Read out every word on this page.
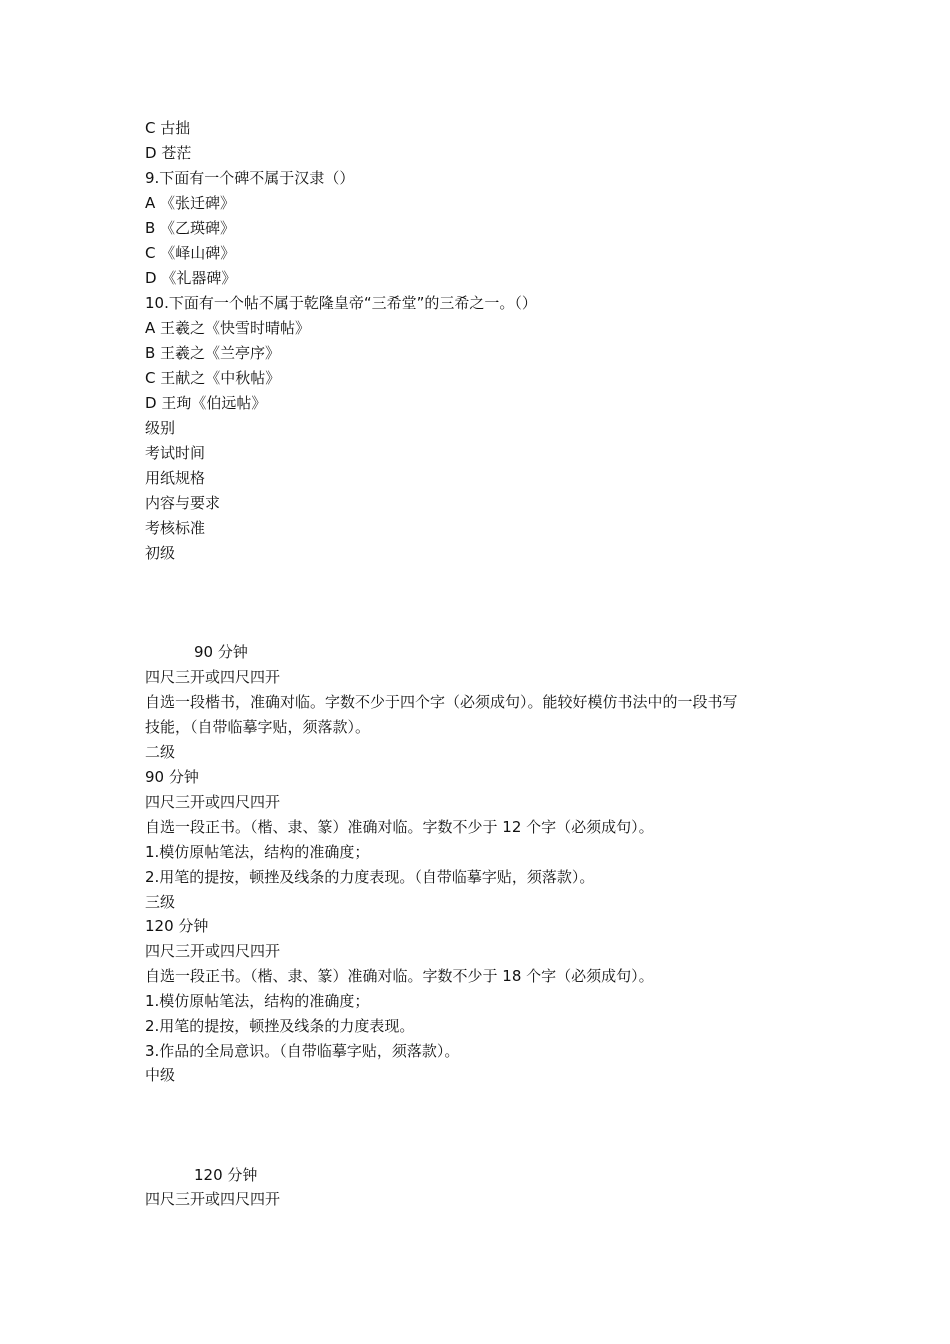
C 古拙
D 苍茫
9.下面有一个碑不属于汉隶（）
A 《张迁碑》
B 《乙瑛碑》
C 《峄山碑》
D 《礼器碑》
10.下面有一个帖不属于乾隆皇帝“三希堂”的三希之一。（）
A 王羲之《快雪时晴帖》
B 王羲之《兰亭序》
C 王献之《中秋帖》
D 王珣《伯远帖》
级别
考试时间
用纸规格
内容与要求
考核标准
初级
90 分钟
四尺三开或四尺四开
自选一段楷书，准确对临。字数不少于四个字（必须成句）。能较好模仿书法中的一段书写
技能，（自带临摹字贴，须落款）。
二级
90 分钟
四尺三开或四尺四开
自选一段正书。（楷、隶、篆）准确对临。字数不少于 12 个字（必须成句）。
1.模仿原帖笔法，结构的准确度；
2.用笔的提按，顿挫及线条的力度表现。（自带临摹字贴，须落款）。
三级
120 分钟
四尺三开或四尺四开
自选一段正书。（楷、隶、篆）准确对临。字数不少于 18 个字（必须成句）。
1.模仿原帖笔法，结构的准确度；
2.用笔的提按，顿挫及线条的力度表现。
3.作品的全局意识。（自带临摹字贴，须落款）。
中级
120 分钟
四尺三开或四尺四开
